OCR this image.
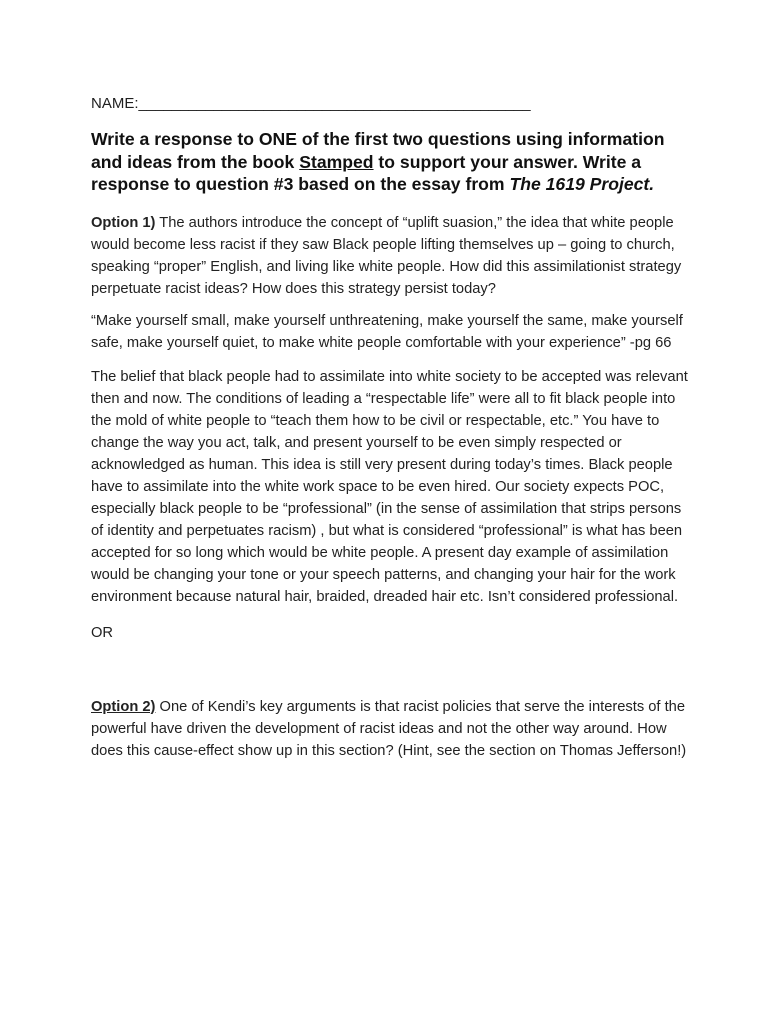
NAME:_______________________________________________
Write a response to ONE of the first two questions using information and ideas from the book Stamped to support your answer. Write a response to question #3 based on the essay from The 1619 Project.
Option 1) The authors introduce the concept of “uplift suasion,” the idea that white people would become less racist if they saw Black people lifting themselves up – going to church, speaking “proper” English, and living like white people. How did this assimilationist strategy perpetuate racist ideas? How does this strategy persist today?
“Make yourself small, make yourself unthreatening, make yourself the same, make yourself safe, make yourself quiet, to make white people comfortable with your experience” -pg 66
The belief that black people had to assimilate into white society to be accepted was relevant then and now. The conditions of leading a “respectable life” were all to fit black people into the mold of white people to “teach them how to be civil or respectable, etc.” You have to change the way you act, talk, and present yourself to be even simply respected or acknowledged as human. This idea is still very present during today’s times. Black people have to assimilate into the white work space to be even hired. Our society expects POC, especially black people to be “professional” (in the sense of assimilation that strips persons of identity and perpetuates racism) , but what is considered “professional” is what has been accepted for so long which would be white people. A present day example of assimilation would be changing your tone or your speech patterns, and changing your hair for the work environment because natural hair, braided, dreaded hair etc. Isn’t considered professional.
OR
Option 2) One of Kendi’s key arguments is that racist policies that serve the interests of the powerful have driven the development of racist ideas and not the other way around. How does this cause-effect show up in this section? (Hint, see the section on Thomas Jefferson!)
